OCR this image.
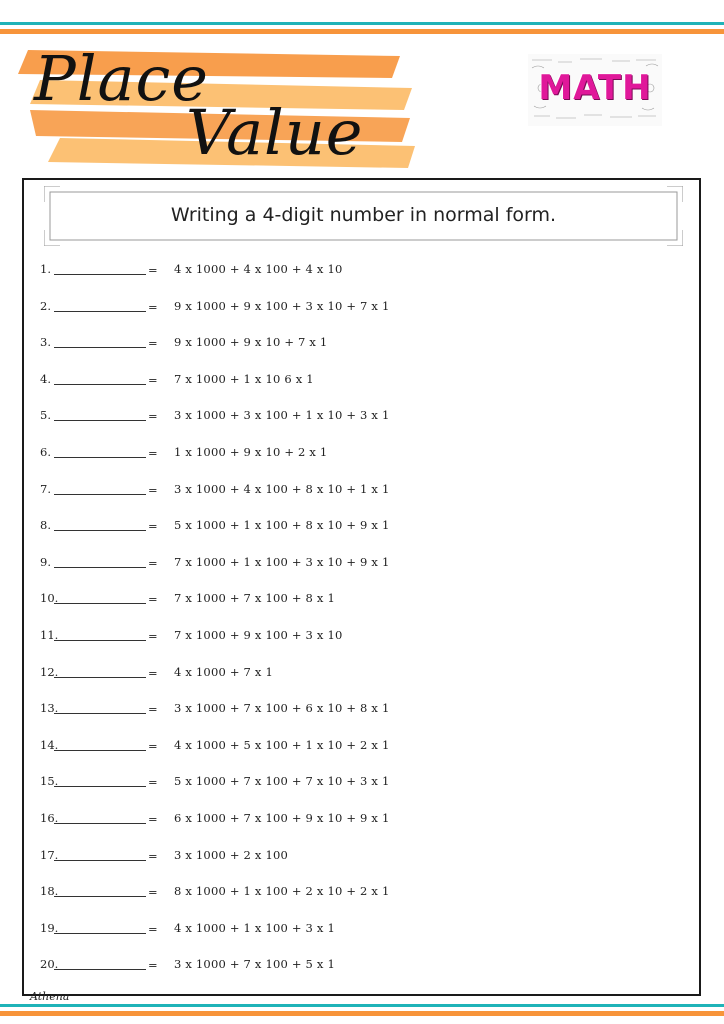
Place
Value
MATH
Writing a 4-digit number in normal form.
1.	= 4 x 1000 + 4 x 100 + 4 x 10
2.	= 9 x 1000 + 9 x 100 + 3 x 10 + 7 x 1
3.	= 9 x 1000 + 9 x 10 + 7 x 1
4.	= 7 x 1000 + 1 x 10 6 x 1
5.	= 3 x 1000 + 3 x 100 + 1 x 10 + 3 x 1
6.	= 1 x 1000 + 9 x 10 + 2 x 1
7.	= 3 x 1000 + 4 x 100 + 8 x 10 + 1 x 1
8.	= 5 x 1000 + 1 x 100 + 8 x 10 + 9 x 1
9.	= 7 x 1000 + 1 x 100 + 3 x 10 + 9 x 1
10.	= 7 x 1000 + 7 x 100 + 8 x 1
11.	= 7 x 1000 + 9 x 100 + 3 x 10
12.	= 4 x 1000 + 7 x 1
13.	= 3 x 1000 + 7 x 100 + 6 x 10 + 8 x 1
14.	= 4 x 1000 + 5 x 100 + 1 x 10 + 2 x 1
15.	= 5 x 1000 + 7 x 100 + 7 x 10 + 3 x 1
16.	= 6 x 1000 + 7 x 100 + 9 x 10 + 9 x 1
17.	= 3 x 1000 + 2 x 100
18.	= 8 x 1000 + 1 x 100 + 2 x 10 + 2 x 1
19.	= 4 x 1000 + 1 x 100 + 3 x 1
20.	= 3 x 1000 + 7 x 100 + 5 x 1
Athena
